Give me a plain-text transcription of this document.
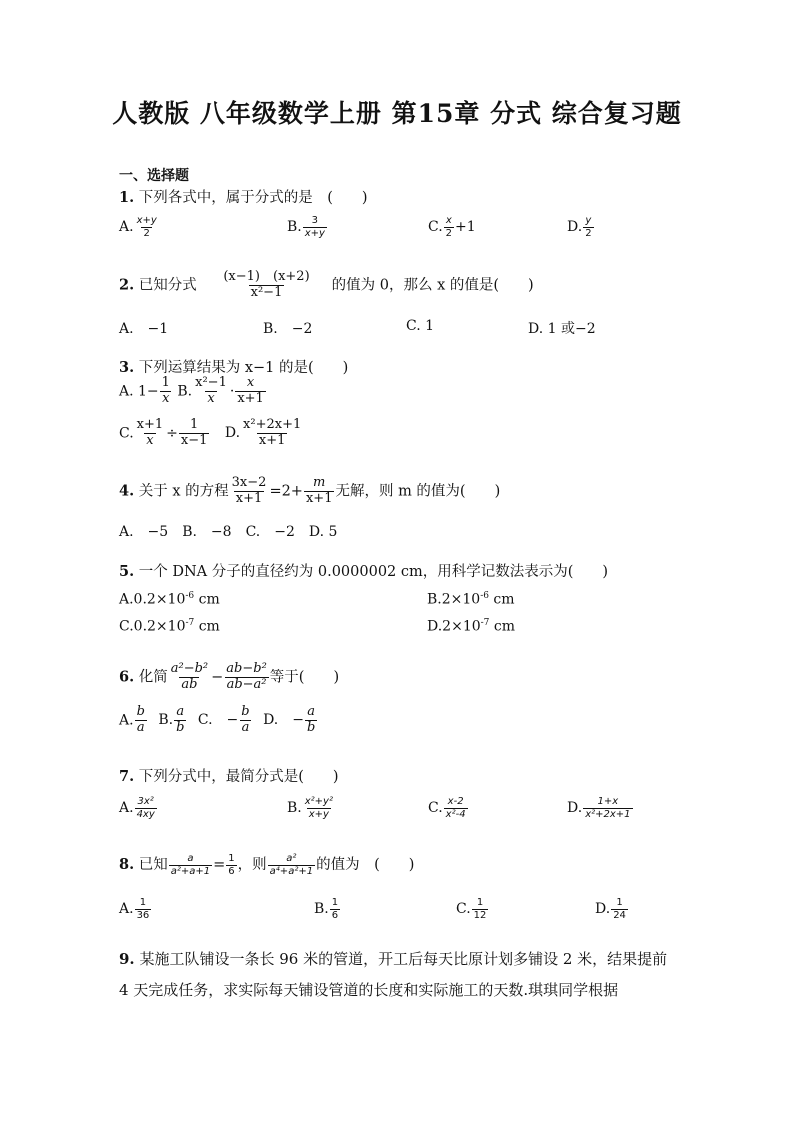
人教版 八年级数学上册 第15章 分式 综合复习题
一、选择题
1. 下列各式中，属于分式的是　(　　)
A. $\frac{x+y}{2}$	B. $\frac{3}{x+y}$	C. $\frac{x}{2} +1$	D. $\frac{y}{2}$
2. 已知分式 $\frac{(x-1) (x+2)}{\text{x²−1}}$ 的值为 0，那么 x 的值是(　　)
A.　−1	B.　−2	C. 1	D. 1 或−2
3. 下列运算结果为 x−1 的是(　　)
A. $1- \frac{1}{x} B$. $\frac{\text{x²−1}}{x} \cdot \frac{x}{x+1}$
C. $\frac{x+1}{x} \div \frac{1}{x-1} D$. $\frac{\text{x²+2x+1}}{x+1}$
4. 关于 x 的方程 $\frac{3x-2}{x+1} =2+ \frac{m}{x+1}$ 无解，则 m 的值为(　　)
A.　−5　B.　−8　C.　−2　D. 5
5. 一个 DNA 分子的直径约为 0.0000002 cm，用科学记数法表示为(　　)
$A.0.2\times 10^{-6}$ cm	$B.2\times 10^{-6}$ cm
$C.0.2\times 10^{-7}$ cm	$D.2\times 10^{-7}$ cm
6. 化简 $\frac{\text{a²−b²}}{ab} - \frac{\text{ab−b²}}{\text{ab−a²}}$ 等于(　　)
A. $\frac{b}{a} B$. $\frac{a}{b} C$.　− $\frac{b}{a} D$.　− $\frac{a}{b}$
7. 下列分式中，最简分式是(　　)
A. $\frac{\text{3x²}}{4xy}$	B. $\frac{\text{x²+y²}}{x+y}$	C. $\frac{x-2}{\text{x²-4}}$	D. $\frac{1+x}{\text{x²+2x+1}}$
8. 已知 $\frac{a}{\text{a²+a+1}} = \frac{1}{6}$ ，则 $\frac{\text{a²}}{\text{a⁴+a²+1}}$ 的值为　(　　)
A. $\frac{1}{36}$	B. $\frac{1}{6}$	C. $\frac{1}{12}$	D. $\frac{1}{24}$
9. 某施工队铺设一条长 96 米的管道，开工后每天比原计划多铺设 2 米，结果提前 4 天完成任务，求实际每天铺设管道的长度和实际施工的天数.琪琪同学根据
